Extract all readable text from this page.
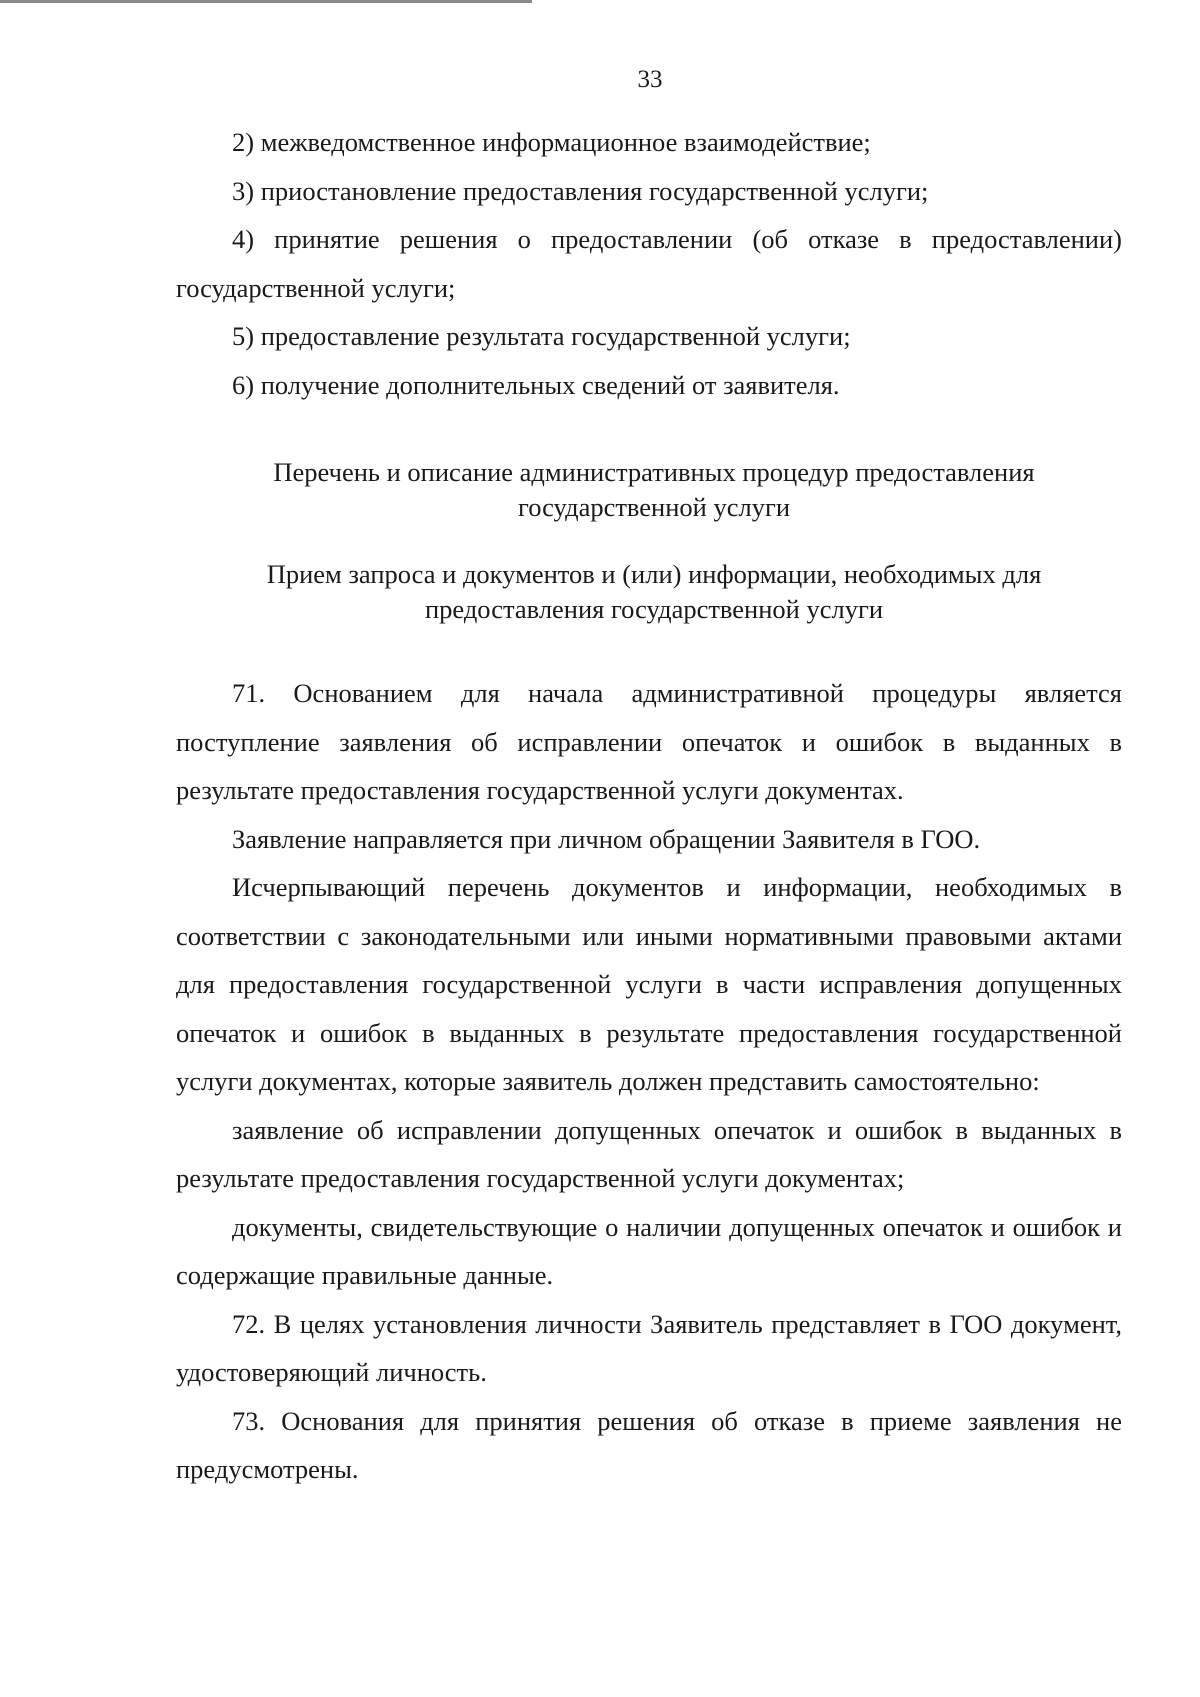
33

2) межведомственное информационное взаимодействие;

3) приостановление предоставления государственной услуги;

4) принятие решения о предоставлении (об отказе в предоставлении) государственной услуги;

5) предоставление результата государственной услуги;

6) получение дополнительных сведений от заявителя.

Перечень и описание административных процедур предоставления государственной услуги

Прием запроса и документов и (или) информации, необходимых для предоставления государственной услуги

71. Основанием для начала административной процедуры является поступление заявления об исправлении опечаток и ошибок в выданных в результате предоставления государственной услуги документах.

Заявление направляется при личном обращении Заявителя в ГОО.

Исчерпывающий перечень документов и информации, необходимых в соответствии с законодательными или иными нормативными правовыми актами для предоставления государственной услуги в части исправления допущенных опечаток и ошибок в выданных в результате предоставления государственной услуги документах, которые заявитель должен представить самостоятельно:

заявление об исправлении допущенных опечаток и ошибок в выданных в результате предоставления государственной услуги документах;

документы, свидетельствующие о наличии допущенных опечаток и ошибок и содержащие правильные данные.

72. В целях установления личности Заявитель представляет в ГОО документ, удостоверяющий личность.

73. Основания для принятия решения об отказе в приеме заявления не предусмотрены.
